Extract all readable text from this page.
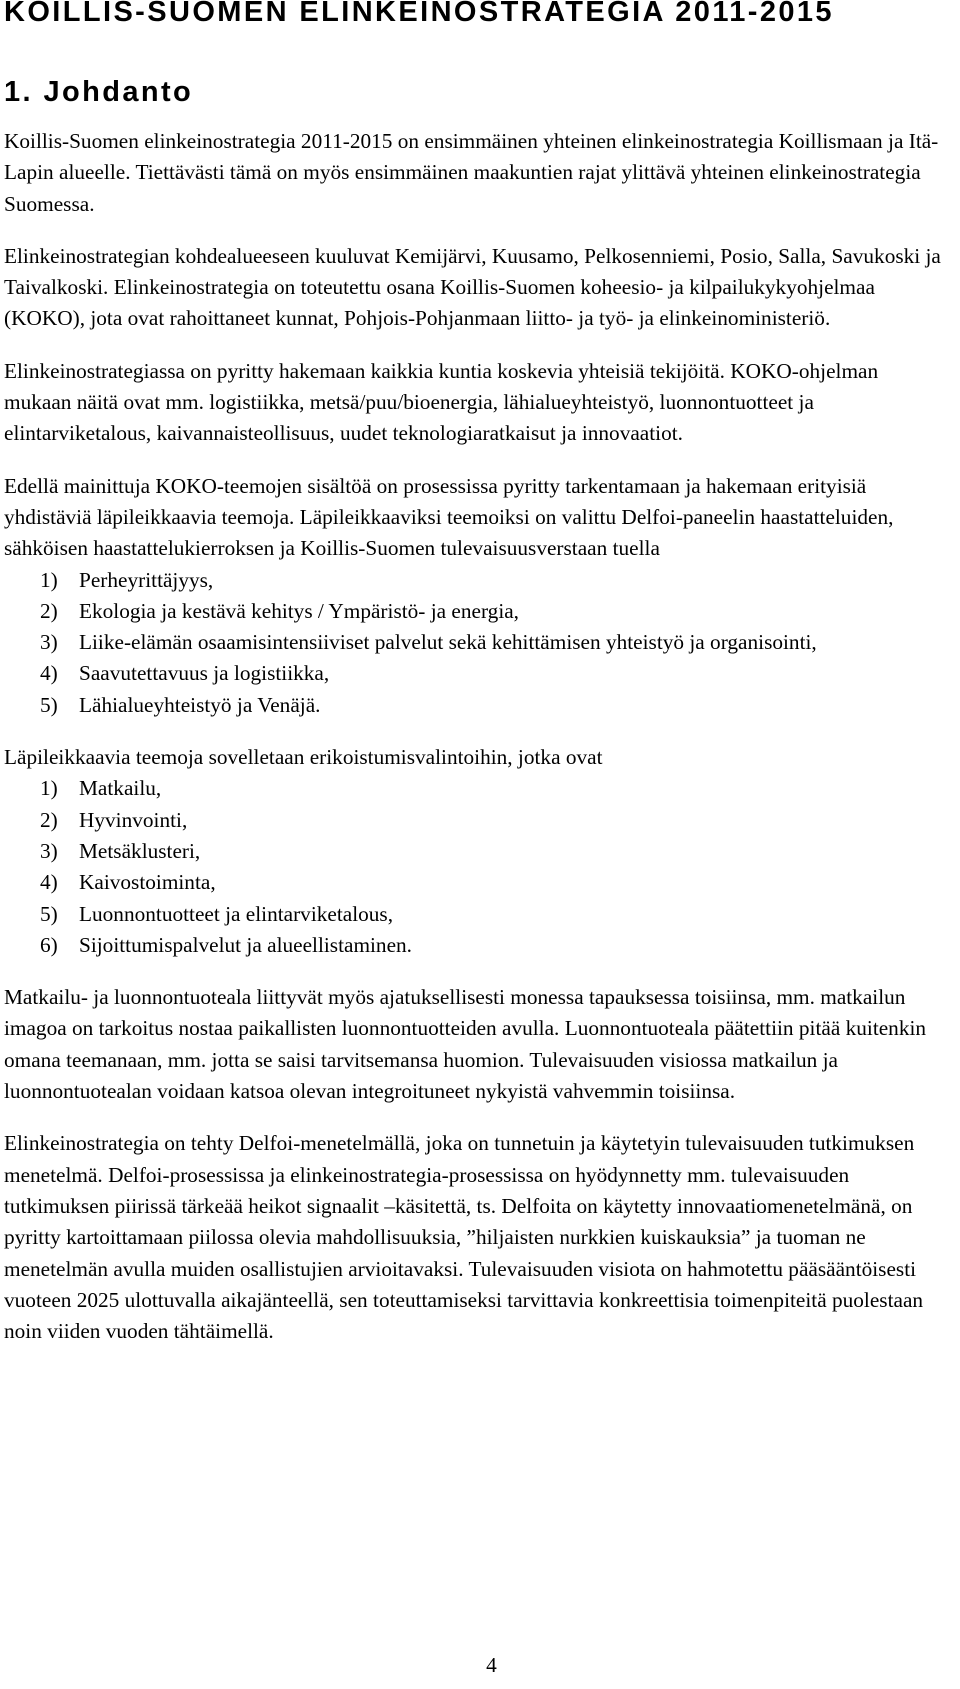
KOILLIS-SUOMEN ELINKEINOSTRATEGIA 2011-2015
1. Johdanto

Koillis-Suomen elinkeinostrategia 2011-2015 on ensimmäinen yhteinen elinkeinostrategia Koillismaan ja Itä-Lapin alueelle. Tiettävästi tämä on myös ensimmäinen maakuntien rajat ylittävä yhteinen elinkeinostrategia Suomessa.

Elinkeinostrategian kohdealueeseen kuuluvat Kemijärvi, Kuusamo, Pelkosenniemi, Posio, Salla, Savukoski ja Taivalkoski. Elinkeinostrategia on toteutettu osana Koillis-Suomen koheesio- ja kilpailukykyohjelmaa (KOKO), jota ovat rahoittaneet kunnat, Pohjois-Pohjanmaan liitto- ja työ- ja elinkeinoministeriö.

Elinkeinostrategiassa on pyritty hakemaan kaikkia kuntia koskevia yhteisiä tekijöitä. KOKO-ohjelman mukaan näitä ovat mm. logistiikka, metsä/puu/bioenergia, lähialueyhteistyö, luonnontuotteet ja elintarviketalous, kaivannaisteollisuus, uudet teknologiaratkaisut ja innovaatiot.

Edellä mainittuja KOKO-teemojen sisältöä on prosessissa pyritty tarkentamaan ja hakemaan erityisiä yhdistäviä läpileikkaavia teemoja. Läpileikkaaviksi teemoiksi on valittu Delfoi-paneelin haastatteluiden, sähköisen haastattelukierroksen ja Koillis-Suomen tulevaisuusverstaan tuella

1) Perheyrittäjyys,
2) Ekologia ja kestävä kehitys / Ympäristö- ja energia,
3) Liike-elämän osaamisintensiiviset palvelut sekä kehittämisen yhteistyö ja organisointi,
4) Saavutettavuus ja logistiikka,
5) Lähialueyhteistyö ja Venäjä.

Läpileikkaavia teemoja sovelletaan erikoistumisvalintoihin, jotka ovat

1) Matkailu,
2) Hyvinvointi,
3) Metsäklusteri,
4) Kaivostoiminta,
5) Luonnontuotteet ja elintarviketalous,
6) Sijoittumispalvelut ja alueellistaminen.

Matkailu- ja luonnontuoteala liittyvät myös ajatuksellisesti monessa tapauksessa toisiinsa, mm. matkailun imagoa on tarkoitus nostaa paikallisten luonnontuotteiden avulla. Luonnontuoteala päätettiin pitää kuitenkin omana teemanaan, mm. jotta se saisi tarvitsemansa huomion. Tulevaisuuden visiossa matkailun ja luonnontuotealan voidaan katsoa olevan integroituneet nykyistä vahvemmin toisiinsa.

Elinkeinostrategia on tehty Delfoi-menetelmällä, joka on tunnetuin ja käytetyin tulevaisuuden tutkimuksen menetelmä. Delfoi-prosessissa ja elinkeinostrategia-prosessissa on hyödynnetty mm. tulevaisuuden tutkimuksen piirissä tärkeää heikot signaalit –käsitettä, ts. Delfoita on käytetty innovaatiomenetelmänä, on pyritty kartoittamaan piilossa olevia mahdollisuuksia, ”hiljaisten nurkkien kuiskauksia” ja tuoman ne menetelmän avulla muiden osallistujien arvioitavaksi. Tulevaisuuden visiota on hahmotettu pääsääntöisesti vuoteen 2025 ulottuvalla aikajänteellä, sen toteuttamiseksi tarvittavia konkreettisia toimenpiteitä puolestaan noin viiden vuoden tähtäimellä.

4
